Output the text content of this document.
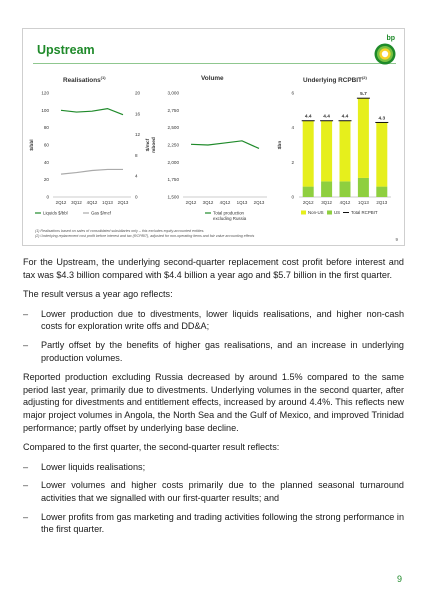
Upstream
bp
Realisations$^{(1)}$
120
100
80
60
40
20
0
20
16
12
8
4
0
$/bbl	$/mcf
2Q12 3Q12 4Q12 1Q13 2Q13
Liquids $/bbl	Gas $/mcf
Volume
3,000
2,750
2,500
2,250
2,000
1,750
1,500
mboed
2Q12 3Q12 4Q12 1Q13 2Q13
Total production
excluding Russia
Underlying RCPBIT$^{(2)}$
6
4
2
0
$bn
4.4
2Q12
4.4
3Q12
4.4
4Q12
5.7
1Q13
4.3
2Q13
Non-US US Total RCPBIT
(1) Realisations based on sales of consolidated subsidiaries only – this excludes equity-accounted entities.
(2) Underlying replacement cost profit before interest and tax (RCPBIT), adjusted for non-operating items and fair value accounting effects
9

For the Upstream, the underlying second-quarter replacement cost profit before interest and tax was $4.3 billion compared with $4.4 billion a year ago and $5.7 billion in the first quarter.

The result versus a year ago reflects:

– Lower production due to divestments, lower liquids realisations, and higher non-cash costs for exploration write offs and DD&A;
– Partly offset by the benefits of higher gas realisations, and an increase in underlying production volumes.

Reported production excluding Russia decreased by around 1.5% compared to the same period last year, primarily due to divestments. Underlying volumes in the second quarter, after adjusting for divestments and entitlement effects, increased by around 4.4%. This reflects new major project volumes in Angola, the North Sea and the Gulf of Mexico, and improved Trinidad performance; partly offset by underlying base decline.

Compared to the first quarter, the second-quarter result reflects:

– Lower liquids realisations;
– Lower volumes and higher costs primarily due to the planned seasonal turnaround activities that we signalled with our first-quarter results; and
– Lower profits from gas marketing and trading activities following the strong performance in the first quarter.
9
